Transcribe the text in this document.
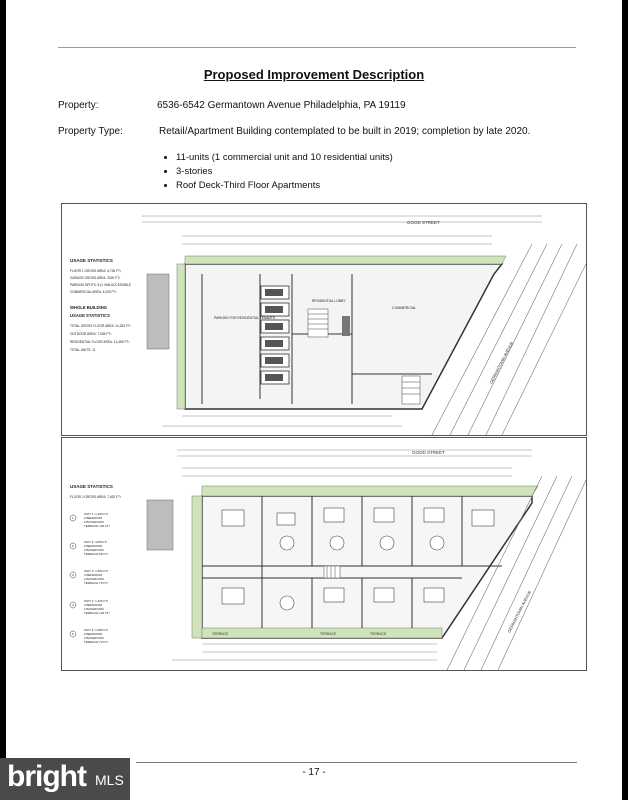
Proposed Improvement Description
Property:	6536-6542 Germantown Avenue Philadelphia, PA 19119
Property Type:	Retail/Apartment Building contemplated to be built in 2019; completion by late 2020.
• 11-units (1 commercial unit and 10 residential units)
• 3-stories
• Roof Deck-Third Floor Apartments
GOOD STREET
GERMANTOWN AVENUE
USAGE STATISTICS
FLOOR 1 GROSS AREA: 6,726 FT²
GARAGE GROSS AREA: 3320 FT²
PARKING SPOTS: 8 (1 VAN ACCESSIBLE
COMMERCIAL AREA: 4,000 FT²
WHOLE BUILDING
USAGE STATISTICS
TOTAL GROSS FLOOR AREA: 24,253 FT²
OUTDOOR AREA: 7,536 FT²
RESIDENTIAL FLOOR AREA: 13,455 FT²
TOTAL UNITS: 11
PARKING FOR RESIDENTIAL TENANTS
RESIDENTIAL LOBBY
COMMERCIAL
GOOD STREET
TERRACE	TERRACE	TERRACE
GERMANTOWN AVENUE
USAGE STATISTICS
FLOOR 2 GROSS AREA: 7,620 FT²
1
UNIT 1: 1,206 FT²
2 BEDROOM
2 BATHROOM
TERRACE 100 FT²
2
UNIT 2: 1155 FT²
2 BEDROOM
2 BATHROOM
TERRACE 95 FT²
3
UNIT 3: 1,600 FT²
3 BEDROOM
2 BATHROOM
TERRACE 75 FT²
4
UNIT 4: 1,225 FT²
2 BEDROOM
2 BATHROOM
TERRACE 120 FT²
5
UNIT 5: 1,595 FT²
2 BEDROOM
2 BATHROOM
TERRACE 70 FT²
- 17 -
bright MLS
